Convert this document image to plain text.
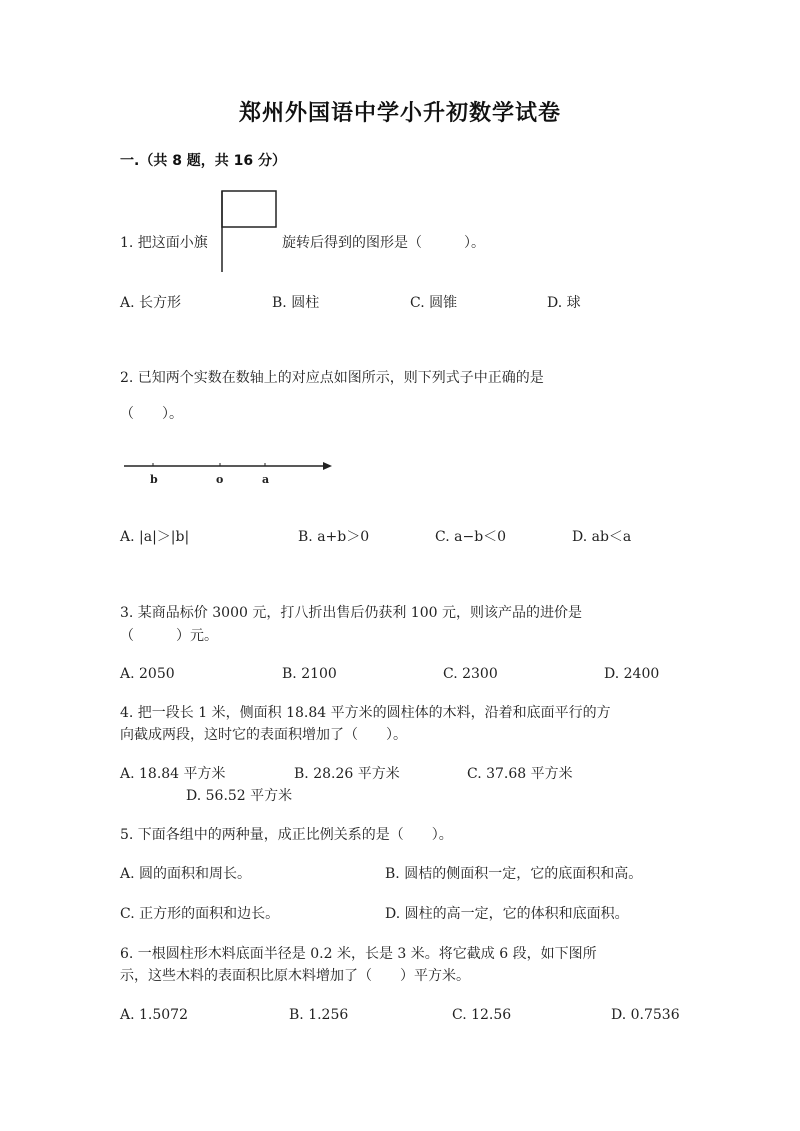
郑州外国语中学小升初数学试卷
一.（共 8 题，共 16 分）
1. 把这面小旗	旋转后得到的图形是（　　　）。
A. 长方形	B. 圆柱	C. 圆锥	D. 球
2. 已知两个实数在数轴上的对应点如图所示，则下列式子中正确的是
（　　）。
b	o	a
A. |a|＞|b|	B. a+b＞0	C. a−b＜0	D. ab＜a
3. 某商品标价 3000 元，打八折出售后仍获利 100 元，则该产品的进价是
（　　　）元。
A. 2050	B. 2100	C. 2300	D. 2400
4. 把一段长 1 米，侧面积 18.84 平方米的圆柱体的木料，沿着和底面平行的方
向截成两段，这时它的表面积增加了（　　）。
A. 18.84 平方米	B. 28.26 平方米	C. 37.68 平方米
D. 56.52 平方米
5. 下面各组中的两种量，成正比例关系的是（　　）。
A. 圆的面积和周长。	B. 圆桔的侧面积一定，它的底面积和高。
C. 正方形的面积和边长。	D. 圆柱的高一定，它的体积和底面积。
6. 一根圆柱形木料底面半径是 0.2 米，长是 3 米。将它截成 6 段，如下图所
示，这些木料的表面积比原木料增加了（　　）平方米。
A. 1.5072	B. 1.256	C. 12.56	D. 0.7536
